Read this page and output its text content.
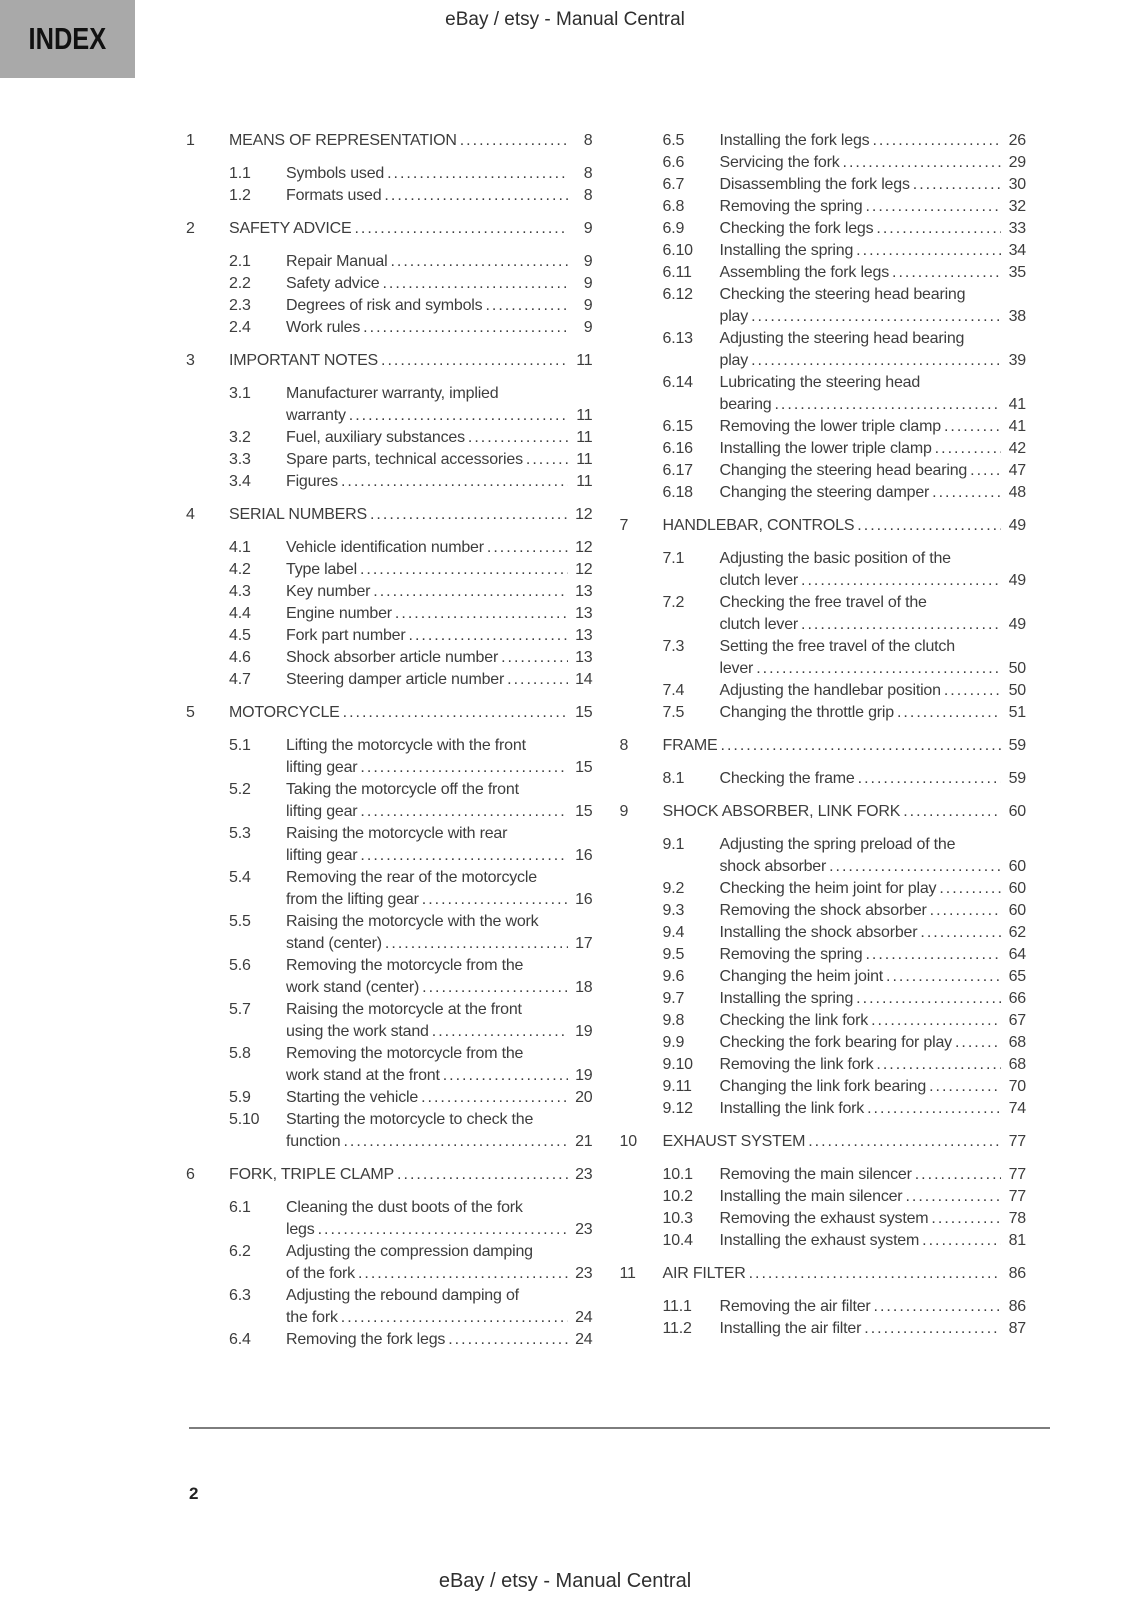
INDEX
eBay / etsy - Manual Central
1	MEANS OF REPRESENTATION .....	8
1.1	Symbols used .....	8
1.2	Formats used .....	8
2	SAFETY ADVICE .....	9
2.1	Repair Manual .....	9
2.2	Safety advice .....	9
2.3	Degrees of risk and symbols .....	9
2.4	Work rules .....	9
3	IMPORTANT NOTES .....	11
3.1	Manufacturer warranty, implied
warranty .....	11
3.2	Fuel, auxiliary substances .....	11
3.3	Spare parts, technical accessories .....	11
3.4	Figures .....	11
4	SERIAL NUMBERS .....	12
4.1	Vehicle identification number .....	12
4.2	Type label .....	12
4.3	Key number .....	13
4.4	Engine number .....	13
4.5	Fork part number .....	13
4.6	Shock absorber article number .....	13
4.7	Steering damper article number .....	14
5	MOTORCYCLE .....	15
5.1	Lifting the motorcycle with the front
lifting gear .....	15
5.2	Taking the motorcycle off the front
lifting gear .....	15
5.3	Raising the motorcycle with rear
lifting gear .....	16
5.4	Removing the rear of the motorcycle
from the lifting gear .....	16
5.5	Raising the motorcycle with the work
stand (center) .....	17
5.6	Removing the motorcycle from the
work stand (center) .....	18
5.7	Raising the motorcycle at the front
using the work stand .....	19
5.8	Removing the motorcycle from the
work stand at the front .....	19
5.9	Starting the vehicle .....	20
5.10	Starting the motorcycle to check the
function .....	21
6	FORK, TRIPLE CLAMP .....	23
6.1	Cleaning the dust boots of the fork
legs .....	23
6.2	Adjusting the compression damping
of the fork .....	23
6.3	Adjusting the rebound damping of
the fork .....	24
6.4	Removing the fork legs .....	24
6.5	Installing the fork legs .....	26
6.6	Servicing the fork .....	29
6.7	Disassembling the fork legs .....	30
6.8	Removing the spring .....	32
6.9	Checking the fork legs .....	33
6.10	Installing the spring .....	34
6.11	Assembling the fork legs .....	35
6.12	Checking the steering head bearing
play .....	38
6.13	Adjusting the steering head bearing
play .....	39
6.14	Lubricating the steering head
bearing .....	41
6.15	Removing the lower triple clamp .....	41
6.16	Installing the lower triple clamp .....	42
6.17	Changing the steering head bearing .....	47
6.18	Changing the steering damper .....	48
7	HANDLEBAR, CONTROLS .....	49
7.1	Adjusting the basic position of the
clutch lever .....	49
7.2	Checking the free travel of the
clutch lever .....	49
7.3	Setting the free travel of the clutch
lever .....	50
7.4	Adjusting the handlebar position .....	50
7.5	Changing the throttle grip .....	51
8	FRAME .....	59
8.1	Checking the frame .....	59
9	SHOCK ABSORBER, LINK FORK .....	60
9.1	Adjusting the spring preload of the
shock absorber .....	60
9.2	Checking the heim joint for play .....	60
9.3	Removing the shock absorber .....	60
9.4	Installing the shock absorber .....	62
9.5	Removing the spring .....	64
9.6	Changing the heim joint .....	65
9.7	Installing the spring .....	66
9.8	Checking the link fork .....	67
9.9	Checking the fork bearing for play .....	68
9.10	Removing the link fork .....	68
9.11	Changing the link fork bearing .....	70
9.12	Installing the link fork .....	74
10	EXHAUST SYSTEM .....	77
10.1	Removing the main silencer .....	77
10.2	Installing the main silencer .....	77
10.3	Removing the exhaust system .....	78
10.4	Installing the exhaust system .....	81
11	AIR FILTER .....	86
11.1	Removing the air filter .....	86
11.2	Installing the air filter .....	87
2
eBay / etsy - Manual Central
